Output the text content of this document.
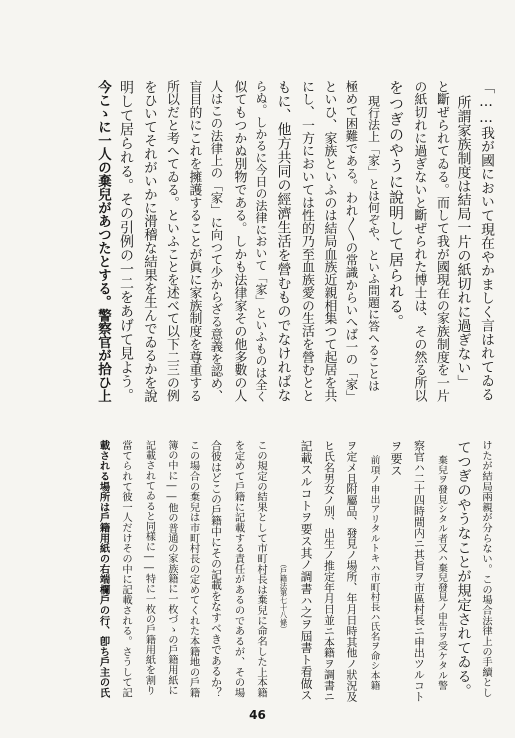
「……我が國において現在やかましく言はれてゐる
所謂家族制度は結局一片の紙切れに過ぎない」
と斷ぜられてゐる。而して我が國現在の家族制度を一片
の紙切れに過ぎないと斷ぜられた博士は、その然る所以
をつぎのやうに說明して居られる。
現行法上「家」とは何ぞや、といふ問題に答へることは
極めて困難である。われ〳〵の常識からいへば一の「家」
といひ、家族といふのは結局血族近親相集つて起居を共
にし、一方においては性的乃至血族愛の生活を營むとと
もに、他方共同の經濟生活を營むものでなければな
らぬ。しかるに今日の法律において「家」といふものは全く
似てもつかぬ別物である。しかも法律家その他多數の人
人はこの法律上の「家」に向つて少からざる意義を認め、
盲目的にこれを擁護することが眞に家族制度を尊重する
所以だと考へてゐる。といふことを述べて以下二三の例
をひいてそれがいかに滑稽な結果を生んでゐるかを說
明して居られる。その引例の一二をあげて見よう。
今こゝに一人の棄兒があつたとする。警察官が拾ひ上
けたが結局兩親が分らない。この場合法律上の手續とし
てつぎのやうなことが規定されてゐる。
棄兒ヲ發見シタル者又ハ棄兒發見ノ申告ヲ受ケタル警
察官ハ二十四時間内ニ其旨ヲ市區村長ニ申出ツルコト
ヲ要ス
前項ノ申出アリタルトキハ市町村長ハ氏名ヲ命シ本籍
ヲ定メ且附屬品、發見ノ場所、年月日時其他ノ狀況及
ヒ氏名男女ノ別、出生ノ推定年月日並ニ本籍ヲ調書ニ
記載スルコトヲ要ス其ノ調書ハ之ヲ屆書ト看做ス
（戶籍法第七十八條）
この規定の結果として市町村長は棄兒に命名した上本籍
を定めて戶籍に記載する責任があるのであるが、その場
合彼はどこの戶籍中にその記載をなすべきであるか？
この場合の棄兒は市町村長の定めてくれた本籍地の戶籍
簿の中に――他の普通の家族籍に一枚づゝの戶籍用紙に
記載されてゐると同樣に――特に一枚の戶籍用紙を割り
當てられて彼一人だけその中に記載される。さうして記
載される場所は戶籍用紙の右端欄戶の行、卽ち戶主の氏
46
